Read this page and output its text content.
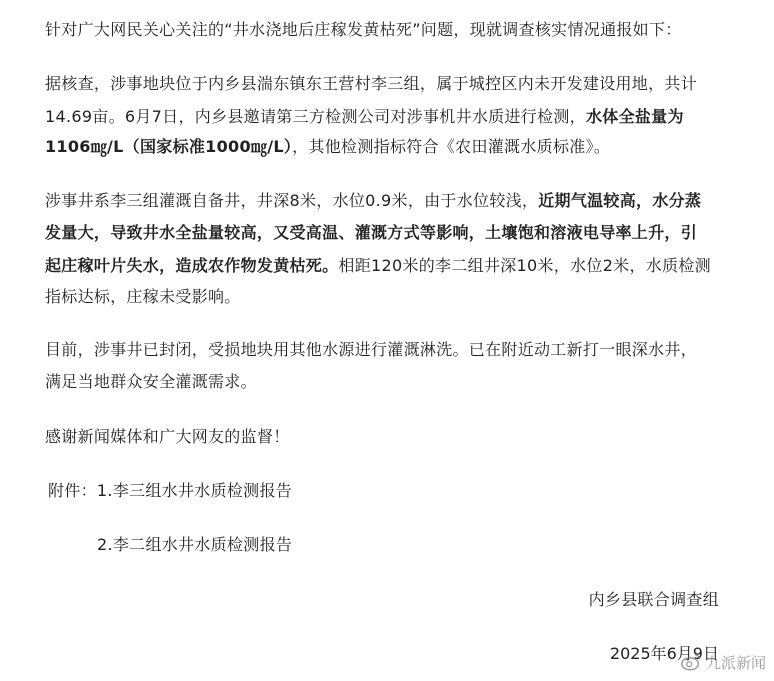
针对广大网民关心关注的“井水浇地后庄稼发黄枯死”问题，现就调查核实情况通报如下：
据核查，涉事地块位于内乡县湍东镇东王营村李三组，属于城控区内未开发建设用地，共计
14.69亩。6月7日，内乡县邀请第三方检测公司对涉事机井水质进行检测，水体全盐量为
1106㎎/L（国家标准1000㎎/L），其他检测指标符合《农田灌溉水质标准》。
涉事井系李三组灌溉自备井，井深8米，水位0.9米，由于水位较浅，近期气温较高，水分蒸
发量大，导致井水全盐量较高，又受高温、灌溉方式等影响，土壤饱和溶液电导率上升，引
起庄稼叶片失水，造成农作物发黄枯死。相距120米的李二组井深10米，水位2米，水质检测
指标达标，庄稼未受影响。
目前，涉事井已封闭，受损地块用其他水源进行灌溉淋洗。已在附近动工新打一眼深水井，
满足当地群众安全灌溉需求。
感谢新闻媒体和广大网友的监督！
附件：1.李三组水井水质检测报告
2.李二组水井水质检测报告
内乡县联合调查组
2025年6月9日
九派新闻
